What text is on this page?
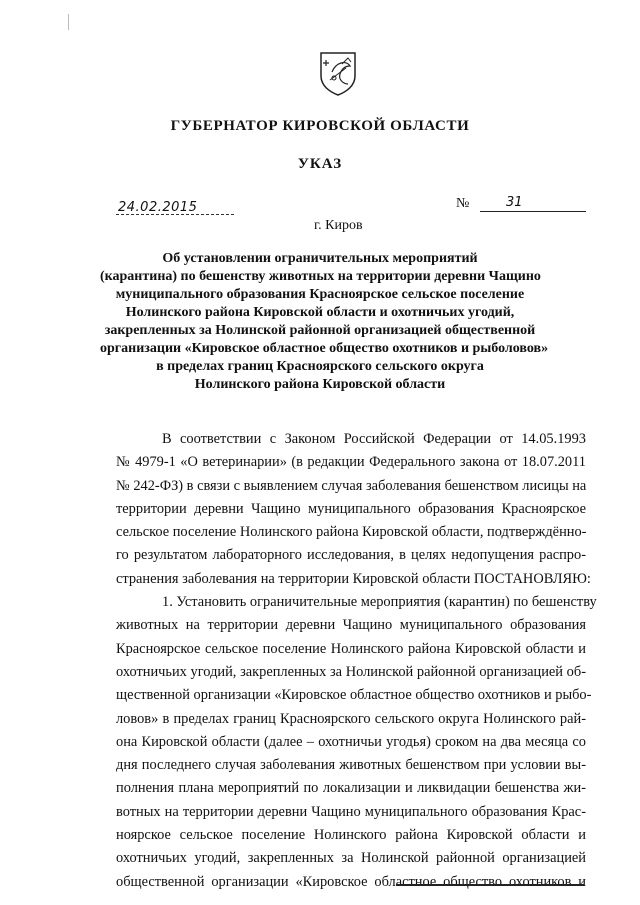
ГУБЕРНАТОР КИРОВСКОЙ ОБЛАСТИ
УКАЗ
24.02.2015	№	31
г. Киров
Об установлении ограничительных мероприятий
(карантина) по бешенству животных на территории деревни Чащино
муниципального образования Красноярское сельское поселение
Нолинского района Кировской области и охотничьих угодий,
закрепленных за Нолинской районной организацией общественной
организации «Кировское областное общество охотников и рыболовов»
в пределах границ Красноярского сельского округа
Нолинского района Кировской области
В соответствии с Законом Российской Федерации от 14.05.1993
№ 4979-1 «О ветеринарии» (в редакции Федерального закона от 18.07.2011
№ 242-ФЗ) в связи с выявлением случая заболевания бешенством лисицы на
территории деревни Чащино муниципального образования Красноярское
сельское поселение Нолинского района Кировской области, подтверждённо-
го результатом лабораторного исследования, в целях недопущения распро-
странения заболевания на территории Кировской области ПОСТАНОВЛЯЮ:
1. Установить ограничительные мероприятия (карантин) по бешенству
животных на территории деревни Чащино муниципального образования
Красноярское сельское поселение Нолинского района Кировской области и
охотничьих угодий, закрепленных за Нолинской районной организацией об-
щественной организации «Кировское областное общество охотников и рыбо-
ловов» в пределах границ Красноярского сельского округа Нолинского рай-
она Кировской области (далее – охотничьи угодья) сроком на два месяца со
дня последнего случая заболевания животных бешенством при условии вы-
полнения плана мероприятий по локализации и ликвидации бешенства жи-
вотных на территории деревни Чащино муниципального образования Крас-
ноярское сельское поселение Нолинского района Кировской области и
охотничьих угодий, закрепленных за Нолинской районной организацией
общественной организации «Кировское областное общество охотников и
